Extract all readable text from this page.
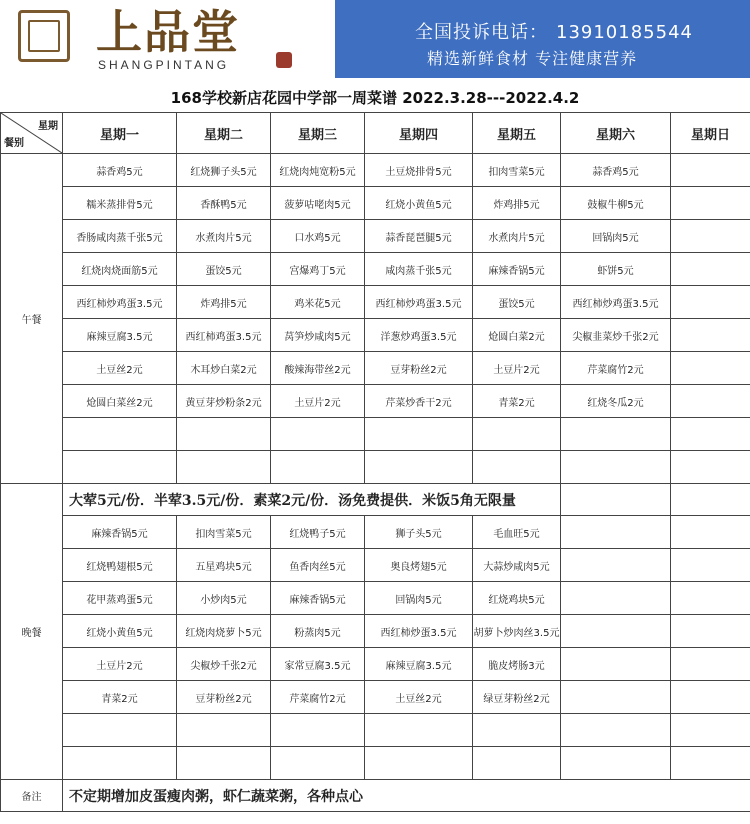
上品堂
SHANGPINTANG
全国投诉电话： 13910185544
精选新鲜食材 专注健康营养
168学校新店花园中学部一周菜谱 2022.3.28---2022.4.2
星期
餐别	星期一	星期二	星期三	星期四	星期五	星期六	星期日
午餐	蒜香鸡5元	红烧狮子头5元	红烧肉炖宽粉5元	土豆烧排骨5元	扣肉雪菜5元	蒜香鸡5元	
	糯米蒸排骨5元	香酥鸭5元	菠萝咕咾肉5元	红烧小黄鱼5元	炸鸡排5元	鼓椒牛柳5元	
	香肠咸肉蒸千张5元	水煮肉片5元	口水鸡5元	蒜香琵琶腿5元	水煮肉片5元	回锅肉5元	
	红烧肉烧面筋5元	蛋饺5元	宫爆鸡丁5元	咸肉蒸千张5元	麻辣香锅5元	虾饼5元	
	西红柿炒鸡蛋3.5元	炸鸡排5元	鸡米花5元	西红柿炒鸡蛋3.5元	蛋饺5元	西红柿炒鸡蛋3.5元	
	麻辣豆腐3.5元	西红柿鸡蛋3.5元	莴笋炒咸肉5元	洋葱炒鸡蛋3.5元	炝圆白菜2元	尖椒韭菜炒千张2元	
	土豆丝2元	木耳炒白菜2元	酸辣海带丝2元	豆芽粉丝2元	土豆片2元	芹菜腐竹2元	
	炝圆白菜丝2元	黄豆芽炒粉条2元	土豆片2元	芹菜炒香干2元	青菜2元	红烧冬瓜2元	

晚餐	大荤5元/份．半荤3.5元/份．素菜2元/份．汤免费提供．米饭5角无限量						
	麻辣香锅5元	扣肉雪菜5元	红烧鸭子5元	狮子头5元	毛血旺5元		
	红烧鸭翅根5元	五星鸡块5元	鱼香肉丝5元	奥良烤翅5元	大蒜炒咸肉5元		
	花甲蒸鸡蛋5元	小炒肉5元	麻辣香锅5元	回锅肉5元	红烧鸡块5元		
	红烧小黄鱼5元	红烧肉烧萝卜5元	粉蒸肉5元	西红柿炒蛋3.5元	胡萝卜炒肉丝3.5元		
	土豆片2元	尖椒炒千张2元	家常豆腐3.5元	麻辣豆腐3.5元	脆皮烤肠3元		
	青菜2元	豆芽粉丝2元	芹菜腐竹2元	土豆丝2元	绿豆芽粉丝2元		

备注	不定期增加皮蛋瘦肉粥，虾仁蔬菜粥，各种点心						
